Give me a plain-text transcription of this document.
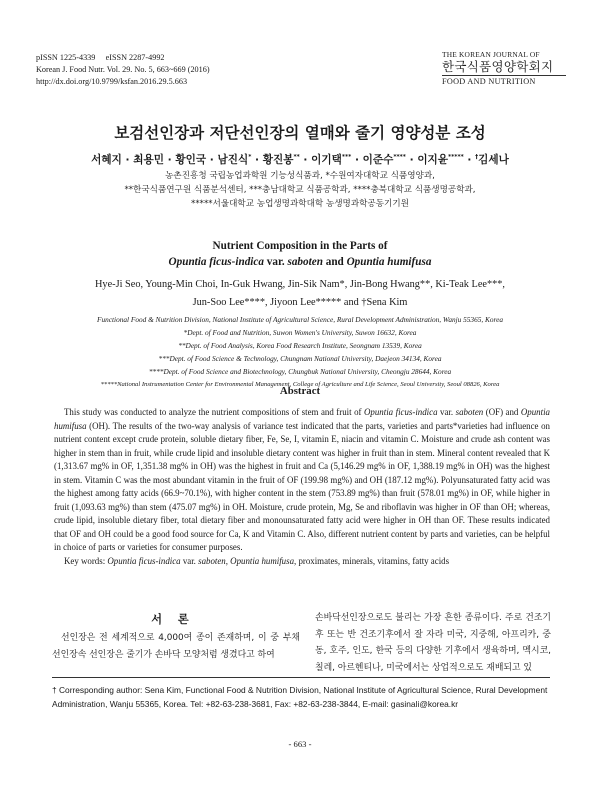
pISSN 1225-4339     eISSN 2287-4992
Korean J. Food Nutr. Vol. 29. No. 5, 663~669 (2016)
http://dx.doi.org/10.9799/ksfan.2016.29.5.663
THE KOREAN JOURNAL OF
한국식품영양학회지
FOOD AND NUTRITION
보검선인장과 저단선인장의 열매와 줄기 영양성분 조성
서혜지 · 최용민 · 황인국 · 남진식* · 황진봉** · 이기택*** · 이준수**** · 이지윤***** · †김세나
농촌진흥청 국립농업과학원 기능성식품과, *수원여자대학교 식품영양과,
**한국식품연구원 식품분석센터, ***충남대학교 식품공학과, ****충북대학교 식품생명공학과,
*****서울대학교 농업생명과학대학 농생명과학공동기기원
Nutrient Composition in the Parts of
Opuntia ficus-indica var. saboten and Opuntia humifusa
Hye-Ji Seo, Young-Min Choi, In-Guk Hwang, Jin-Sik Nam*, Jin-Bong Hwang**, Ki-Teak Lee***,
Jun-Soo Lee****, Jiyoon Lee***** and †Sena Kim
Functional Food & Nutrition Division, National Institute of Agricultural Science, Rural Development Administration, Wanju 55365, Korea
*Dept. of Food and Nutrition, Suwon Women's University, Suwon 16632, Korea
**Dept. of Food Analysis, Korea Food Research Institute, Seongnam 13539, Korea
***Dept. of Food Science & Technology, Chungnam National University, Daejeon 34134, Korea
****Dept. of Food Science and Biotechnology, Chungbuk National University, Cheongju 28644, Korea
*****National Instrumentation Center for Environmental Management, College of Agriculture and Life Science, Seoul University, Seoul 08826, Korea
Abstract

This study was conducted to analyze the nutrient compositions of stem and fruit of Opuntia ficus-indica var. saboten (OF) and Opuntia humifusa (OH). The results of the two-way analysis of variance test indicated that the parts, varieties and parts*varieties had influence on nutrient content except crude protein, soluble dietary fiber, Fe, Se, I, vitamin E, niacin and vitamin C. Moisture and crude ash content was higher in stem than in fruit, while crude lipid and insoluble dietary content was higher in fruit than in stem. Mineral content revealed that K (1,313.67 mg% in OF, 1,351.38 mg% in OH) was the highest in fruit and Ca (5,146.29 mg% in OF, 1,388.19 mg% in OH) was the highest in stem. Vitamin C was the most abundant vitamin in the fruit of OF (199.98 mg%) and OH (187.12 mg%). Polyunsaturated fatty acid was the highest among fatty acids (66.9~70.1%), with higher content in the stem (753.89 mg%) than fruit (578.01 mg%) in OF, while higher in fruit (1,093.63 mg%) than stem (475.07 mg%) in OH. Moisture, crude protein, Mg, Se and riboflavin was higher in OF than OH; whereas, crude lipid, insoluble dietary fiber, total dietary fiber and monounsaturated fatty acid were higher in OH than OF. These results indicated that OF and OH could be a good food source for Ca, K and Vitamin C. Also, different nutrient content by parts and varieties, can be helpful in choice of parts or varieties for consumer purposes.

Key words: Opuntia ficus-indica var. saboten, Opuntia humifusa, proximates, minerals, vitamins, fatty acids

서 론

선인장은 전 세계적으로 4,000여 종이 존재하며, 이 중 부채선인장속 선인장은 줄기가 손바닥 모양처럼 생겼다고 하여

손바닥선인장으로도 불리는 가장 흔한 종류이다. 주로 건조기후 또는 반 건조기후에서 잘 자라 미국, 지중해, 아프리카, 중동, 호주, 인도, 한국 등의 다양한 기후에서 생육하며, 멕시코, 칠레, 아르헨티나, 미국에서는 상업적으로도 재배되고 있

† Corresponding author: Sena Kim, Functional Food & Nutrition Division, National Institute of Agricultural Science, Rural Development Administration, Wanju 55365, Korea. Tel: +82-63-238-3681, Fax: +82-63-238-3844, E-mail: gasinali@korea.kr
- 663 -
